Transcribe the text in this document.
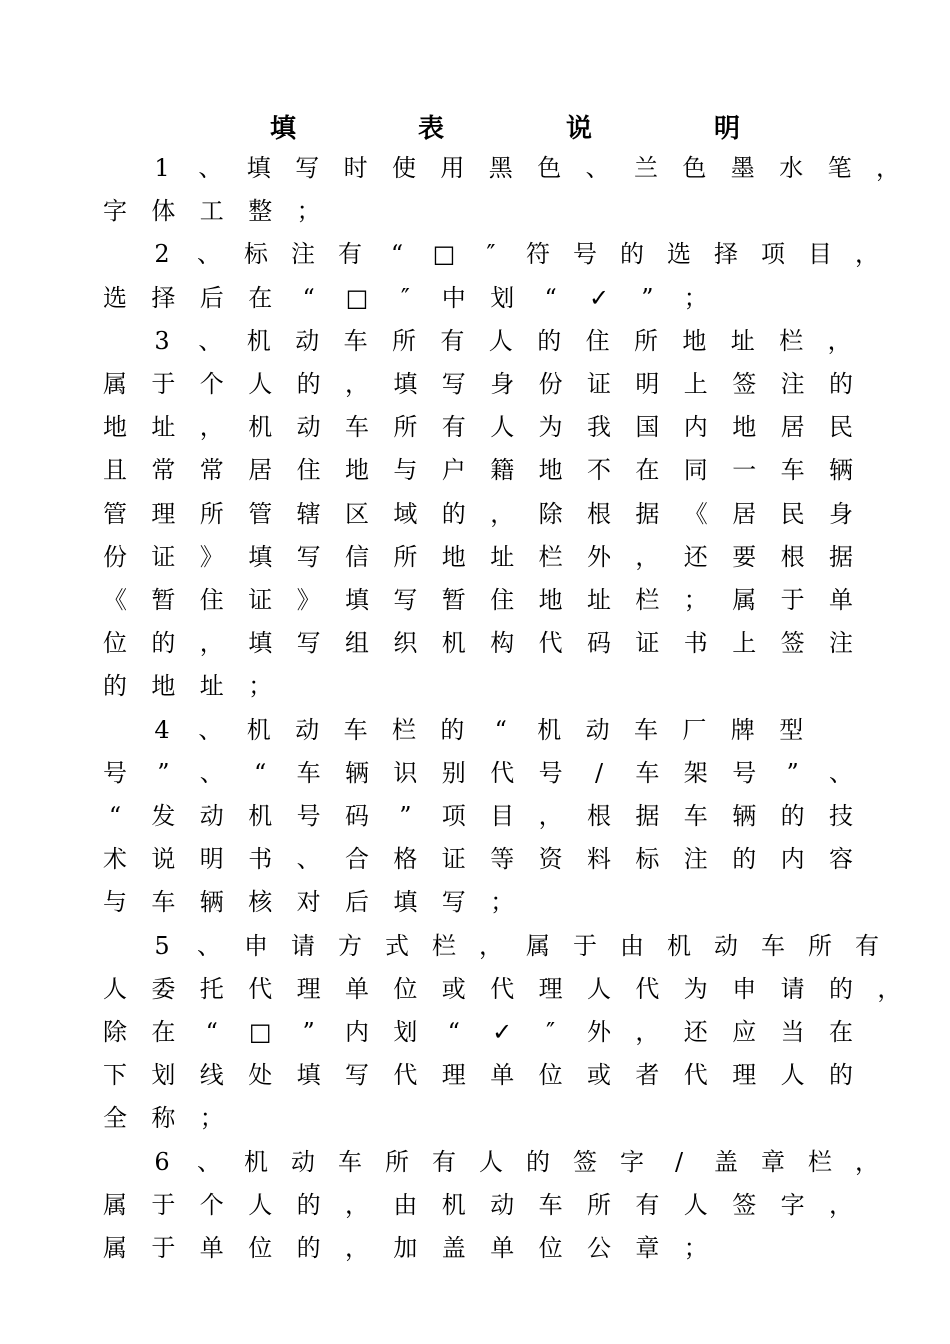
填	表	说	明
1	、 填 写 时 使 用 黑 色 、 兰 色 墨 水 笔 ，
字 体 工 整 ；
2	、 标 注 有	“	□	″	符 号 的 选 择 项 目 ，
选 择 后 在	“	□	″	中 划	“	✓	”	；
3	、 机 动 车 所 有 人 的 住 所 地 址 栏 ，
属 于 个 人 的 ， 填 写 身 份 证 明 上 签 注 的
地 址 ， 机 动 车 所 有 人 为 我 国 内 地 居 民
且 常 常 居 住 地 与 户 籍 地 不 在 同 一 车 辆
管 理 所 管 辖 区 域 的 ， 除 根 据 《 居 民 身
份 证 》 填 写 信 所 地 址 栏 外 ， 还 要 根 据
《 暂 住 证 》 填 写 暂 住 地 址 栏 ； 属 于 单
位 的 ， 填 写 组 织 机 构 代 码 证 书 上 签 注
的 地 址 ；
4	、 机 动 车 栏 的	“	机 动 车 厂 牌 型
号	”	、	“	车 辆 识 别 代 号	/	车 架 号	”	、
“	发 动 机 号 码	”	项 目 ， 根 据 车 辆 的 技
术 说 明 书 、 合 格 证 等 资 料 标 注 的 内 容
与 车 辆 核 对 后 填 写 ；
5	、 申 请 方 式 栏 ， 属 于 由 机 动 车 所 有
人 委 托 代 理 单 位 或 代 理 人 代 为 申 请 的 ，
除 在	“	□	”	内 划	“	✓	″	外 ， 还 应 当 在
下 划 线 处 填 写 代 理 单 位 或 者 代 理 人 的
全 称 ；
6	、 机 动 车 所 有 人 的 签 字	/	盖 章 栏 ，
属 于 个 人 的 ， 由 机 动 车 所 有 人 签 字 ，
属 于 单 位 的 ， 加 盖 单 位 公 章 ；
